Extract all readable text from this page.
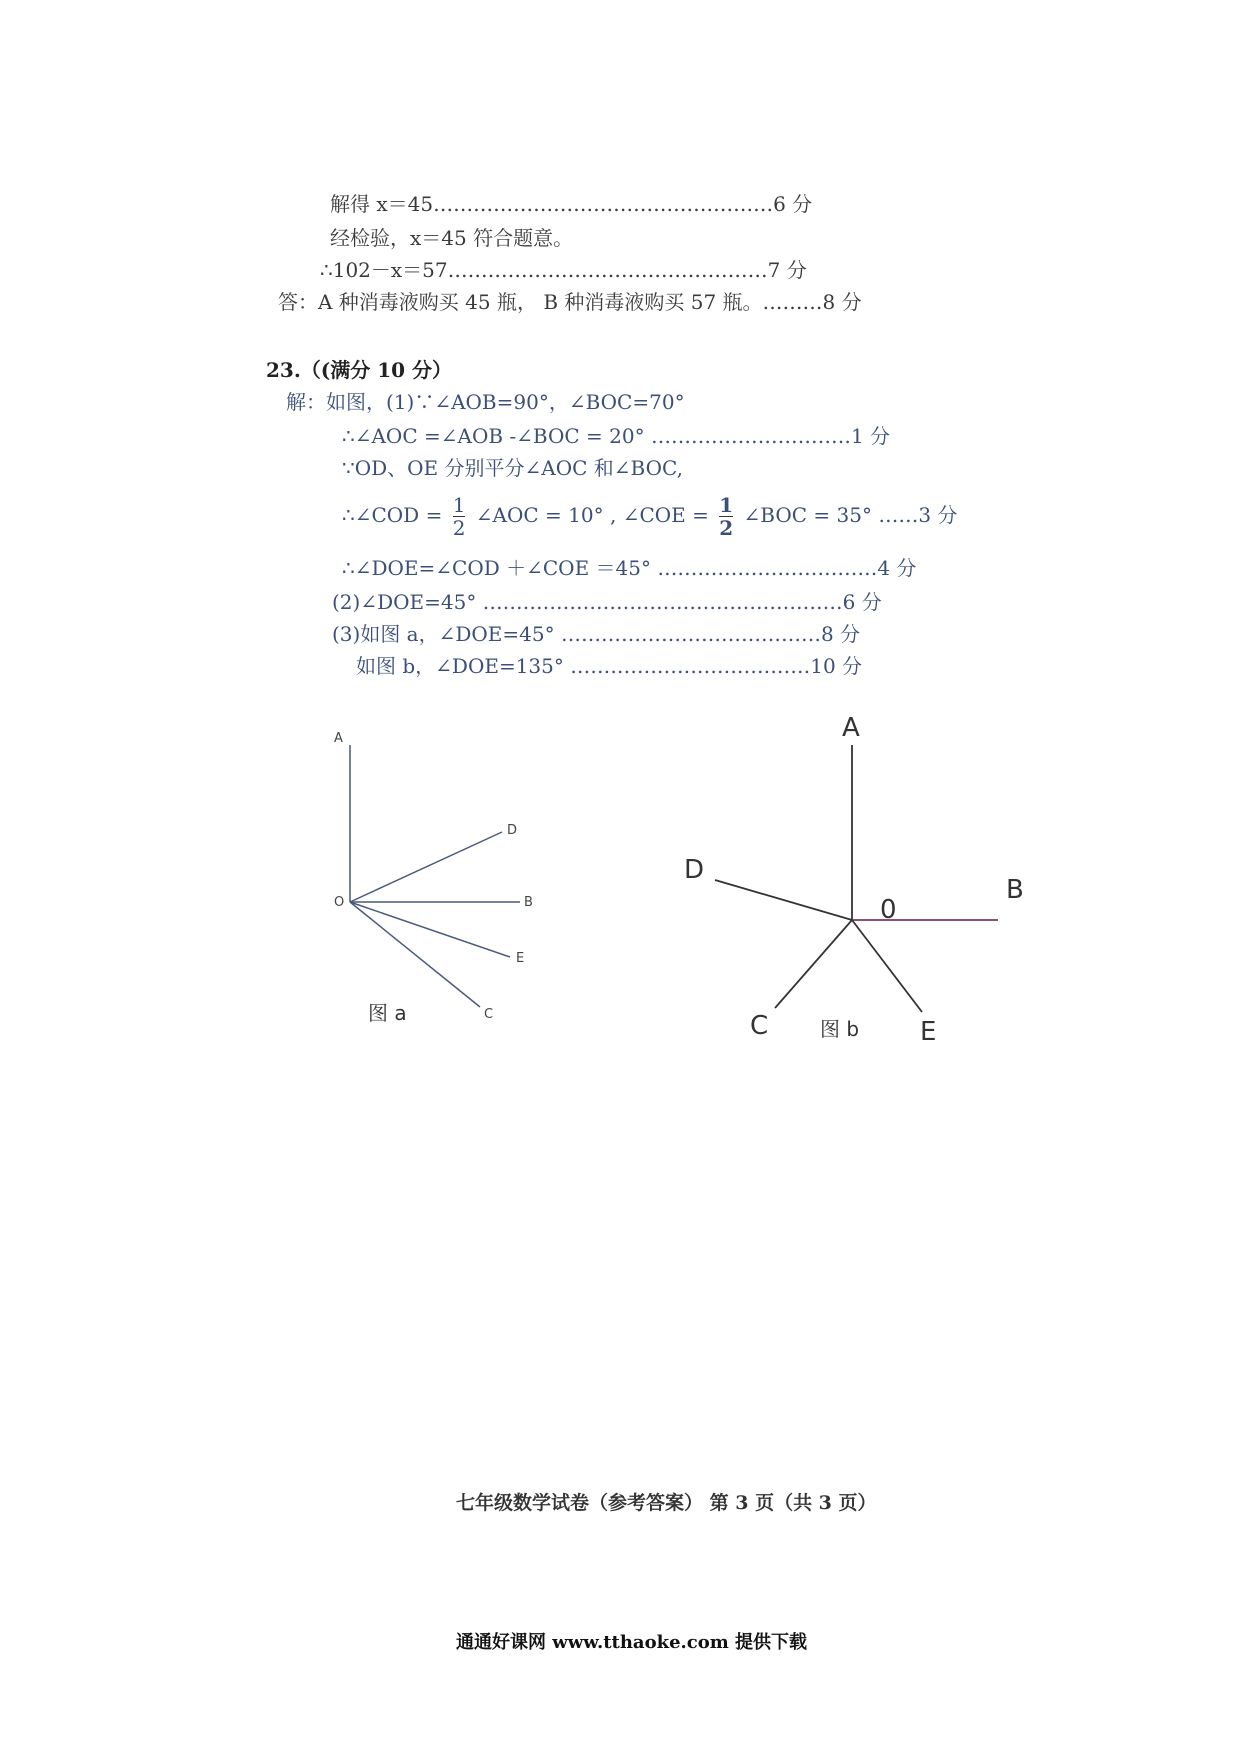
解得 x＝45……………………………………………6 分
经检验，x＝45 符合题意。
∴102－x＝57…………………………………………7 分
答：A 种消毒液购买 45 瓶， B 种消毒液购买 57 瓶。………8 分
23.（(满分 10 分）
解：如图，(1)∵∠AOB=90°，∠BOC=70°
∴∠AOC =∠AOB -∠BOC = 20° …………………………1 分
∵OD、OE 分别平分∠AOC 和∠BOC,
∴∠COD = $\frac{1}{2}$ ∠AOC = 10° , ∠COE = $\frac{1}{2}$ ∠BOC = 35° ……3 分
∴∠DOE=∠COD ＋∠COE ＝45° ……………………………4 分
(2)∠DOE=45° ………………………………………………6 分
(3)如图 a，∠DOE=45° …………………………………8 分
如图 b，∠DOE=135° ………………………………10 分
A
D
O	B
E
C
图 a
A
D
0
B
C	图 b E
七年级数学试卷（参考答案） 第 3 页（共 3 页）
通通好课网 www.tthaoke.com 提供下载
